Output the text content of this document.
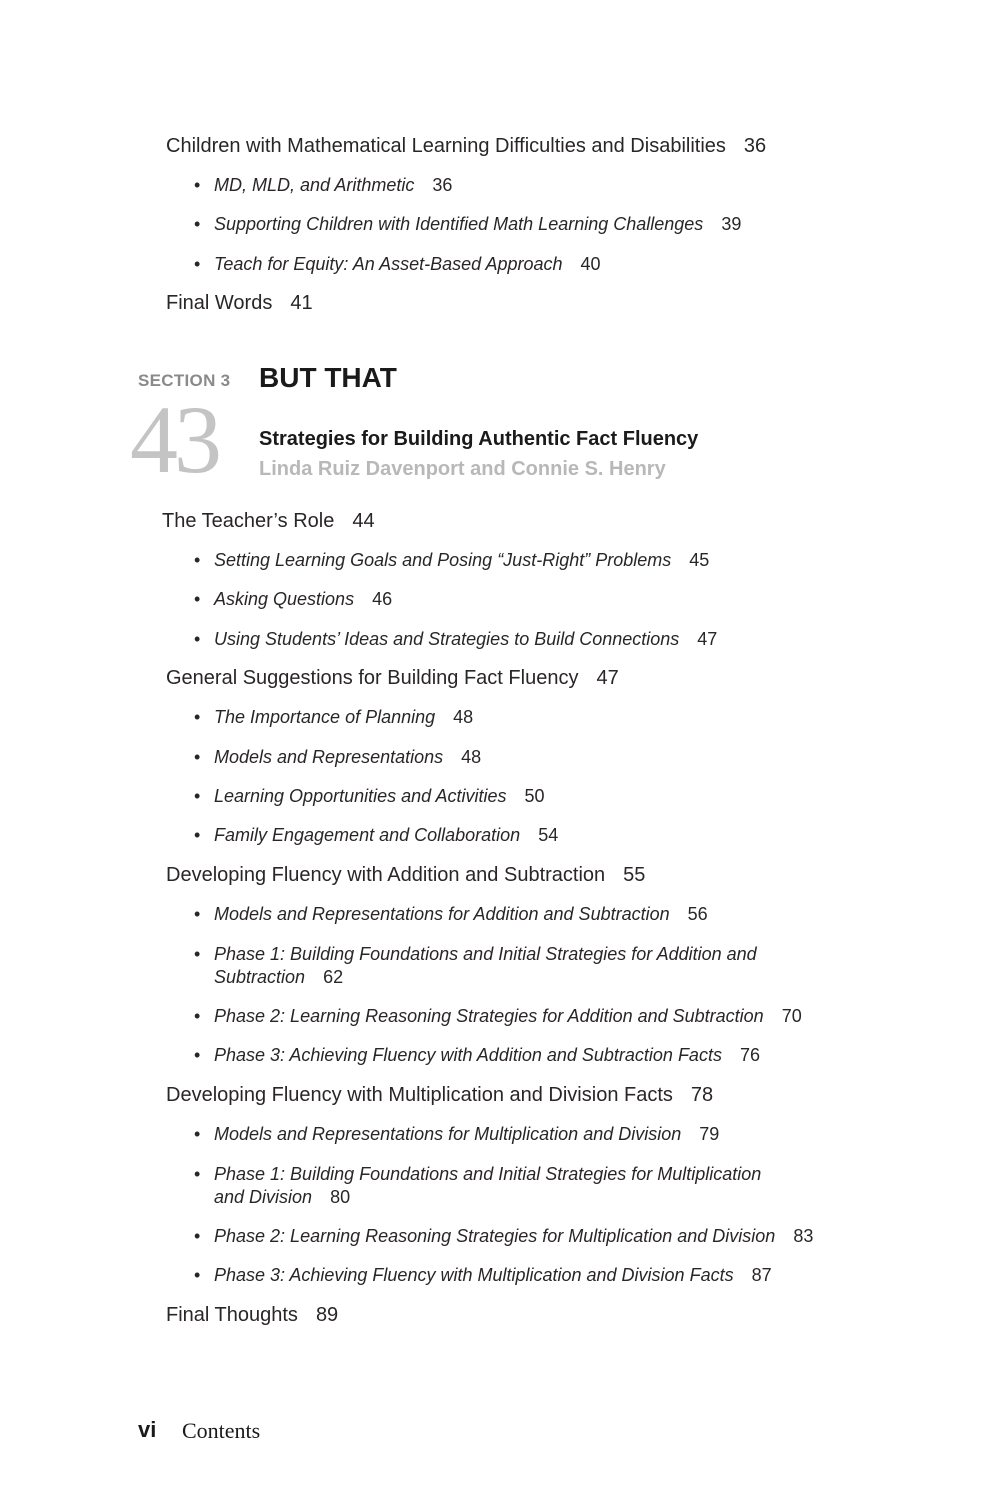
Children with Mathematical Learning Difficulties and Disabilities 36
• MD, MLD, and Arithmetic 36
• Supporting Children with Identified Math Learning Challenges 39
• Teach for Equity: An Asset-Based Approach 40
Final Words 41
SECTION 3 BUT THAT
43 Strategies for Building Authentic Fact Fluency
Linda Ruiz Davenport and Connie S. Henry
The Teacher’s Role 44
• Setting Learning Goals and Posing “Just-Right” Problems 45
• Asking Questions 46
• Using Students’ Ideas and Strategies to Build Connections 47
General Suggestions for Building Fact Fluency 47
• The Importance of Planning 48
• Models and Representations 48
• Learning Opportunities and Activities 50
• Family Engagement and Collaboration 54
Developing Fluency with Addition and Subtraction 55
• Models and Representations for Addition and Subtraction 56
• Phase 1: Building Foundations and Initial Strategies for Addition and Subtraction 62
• Phase 2: Learning Reasoning Strategies for Addition and Subtraction 70
• Phase 3: Achieving Fluency with Addition and Subtraction Facts 76
Developing Fluency with Multiplication and Division Facts 78
• Models and Representations for Multiplication and Division 79
• Phase 1: Building Foundations and Initial Strategies for Multiplication and Division 80
• Phase 2: Learning Reasoning Strategies for Multiplication and Division 83
• Phase 3: Achieving Fluency with Multiplication and Division Facts 87
Final Thoughts 89
vi Contents
